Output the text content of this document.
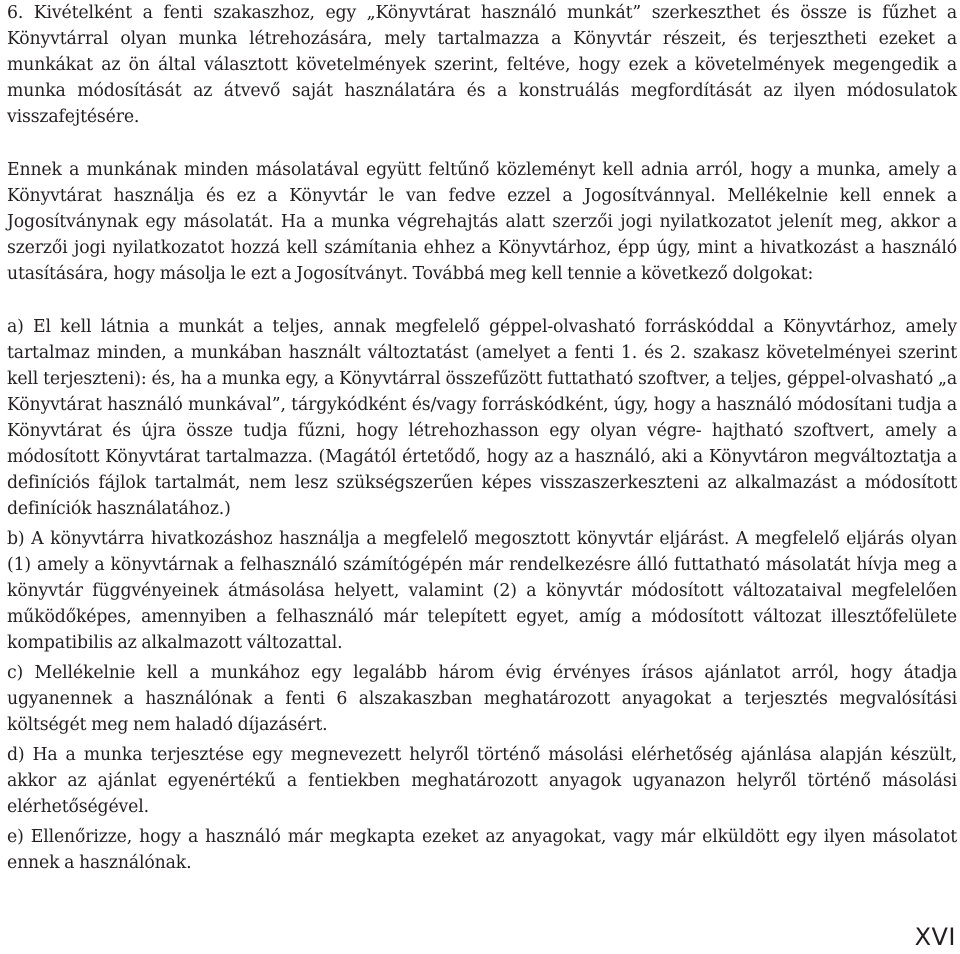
6. Kivételként a fenti szakaszhoz, egy „Könyvtárat használó munkát” szerkeszthet és össze is fűzhet a Könyvtárral olyan munka létrehozására, mely tartalmazza a Könyvtár részeit, és terjesztheti ezeket a munkákat az ön által választott követelmények szerint, feltéve, hogy ezek a követelmények megengedik a munka módosítását az átvevő saját használatára és a konstruálás megfordítását az ilyen módosulatok visszafejtésére.

Ennek a munkának minden másolatával együtt feltűnő közleményt kell adnia arról, hogy a munka, amely a Könyvtárat használja és ez a Könyvtár le van fedve ezzel a Jogosítvánnyal. Mellékelnie kell ennek a Jogosítványnak egy másolatát. Ha a munka végrehajtás alatt szerzői jogi nyilatkozatot jelenít meg, akkor a szerzői jogi nyilatkozatot hozzá kell számítania ehhez a Könyvtárhoz, épp úgy, mint a hivatkozást a használó utasítására, hogy másolja le ezt a Jogosítványt. Továbbá meg kell tennie a következő dolgokat:

a) El kell látnia a munkát a teljes, annak megfelelő géppel-olvasható forráskóddal a Könyvtárhoz, amely tartalmaz minden, a munkában használt változtatást (amelyet a fenti 1. és 2. szakasz követelményei szerint kell terjeszteni): és, ha a munka egy, a Könyvtárral összefűzött futtatható szoftver, a teljes, géppel-olvasható „a Könyvtárat használó munkával”, tárgykódként és/vagy forráskódként, úgy, hogy a használó módosítani tudja a Könyvtárat és újra össze tudja fűzni, hogy létrehozhasson egy olyan végre- hajtható szoftvert, amely a módosított Könyvtárat tartalmazza. (Magától értetődő, hogy az a használó, aki a Könyvtáron megváltoztatja a definíciós fájlok tartalmát, nem lesz szükségszerűen képes visszaszerkeszteni az alkalmazást a módosított definíciók használatához.)

b) A könyvtárra hivatkozáshoz használja a megfelelő megosztott könyvtár eljárást. A megfelelő eljárás olyan (1) amely a könyvtárnak a felhasználó számítógépén már rendelkezésre álló futtatható másolatát hívja meg a könyvtár függvényeinek átmásolása helyett, valamint (2) a könyvtár módosított változataival megfelelően működőképes, amennyiben a felhasználó már telepített egyet, amíg a módosított változat illesztőfelülete kompatibilis az alkalmazott változattal.

c) Mellékelnie kell a munkához egy legalább három évig érvényes írásos ajánlatot arról, hogy átadja ugyanennek a használónak a fenti 6 alszakaszban meghatározott anyagokat a terjesztés megvalósítási költségét meg nem haladó díjazásért.

d) Ha a munka terjesztése egy megnevezett helyről történő másolási elérhetőség ajánlása alapján készült, akkor az ajánlat egyenértékű a fentiekben meghatározott anyagok ugyanazon helyről történő másolási elérhetőségével.

e) Ellenőrizze, hogy a használó már megkapta ezeket az anyagokat, vagy már elküldött egy ilyen másolatot ennek a használónak.

XVI
